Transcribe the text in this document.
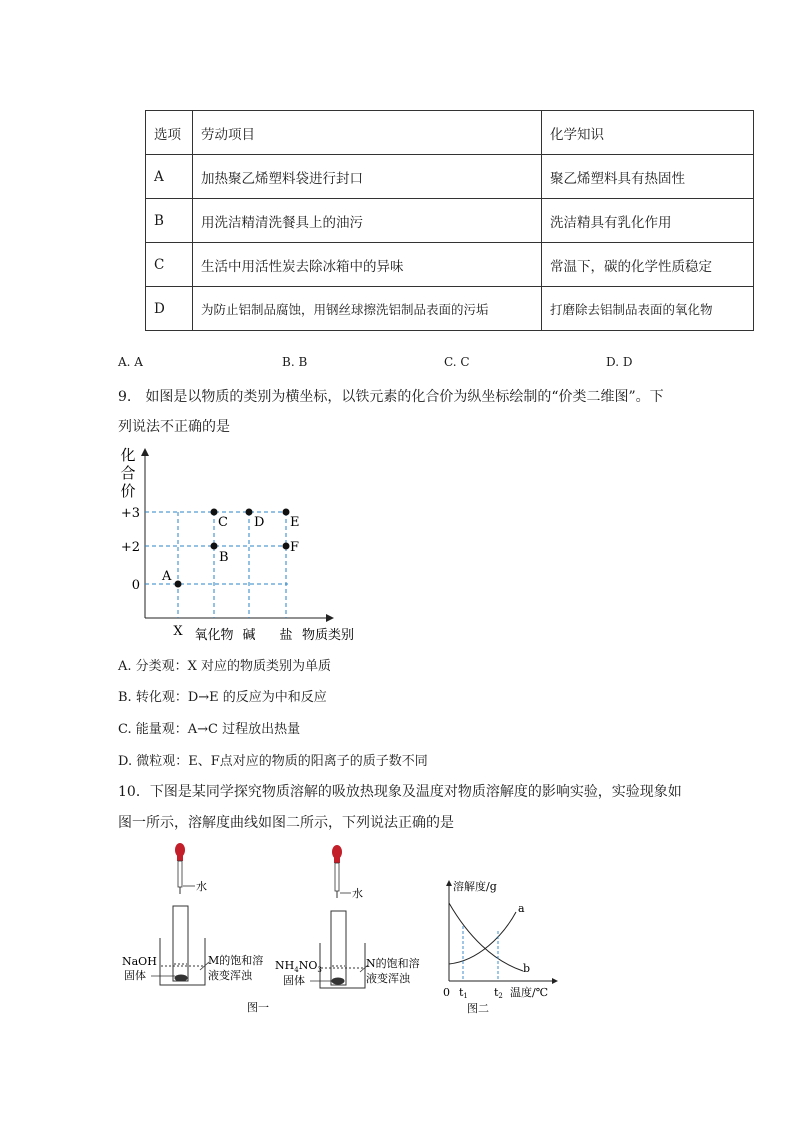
选项	劳动项目	化学知识
A	加热聚乙烯塑料袋进行封口	聚乙烯塑料具有热固性
B	用洗洁精清洗餐具上的油污	洗洁精具有乳化作用
C	生活中用活性炭去除冰箱中的异味	常温下，碳的化学性质稳定
D	为防止铝制品腐蚀，用钢丝球擦洗铝制品表面的污垢	打磨除去铝制品表面的氧化物
A. A	B. B	C. C	D. D
9.　如图是以物质的类别为横坐标，以铁元素的化合价为纵坐标绘制的“价类二维图”。下
列说法不正确的是
化
合
价
+3
+2
0
A
B
C D E
F
X 氧化物 碱 盐 物质类别
A. 分类观：X 对应的物质类别为单质
B. 转化观：D→E 的反应为中和反应
C. 能量观：A→C 过程放出热量
D. 微粒观：E、F点对应的物质的阳离子的质子数不同
10．下图是某同学探究物质溶解的吸放热现象及温度对物质溶解度的影响实验，实验现象如
图一所示，溶解度曲线如图二所示，下列说法正确的是
水
NaOH
固体
M的饱和溶
液变浑浊
水
$NH_4NO_3$
固体
N的饱和溶
液变浑浊
图一
溶解度/g
a
b
0 t1 t2 温度/℃
图二
